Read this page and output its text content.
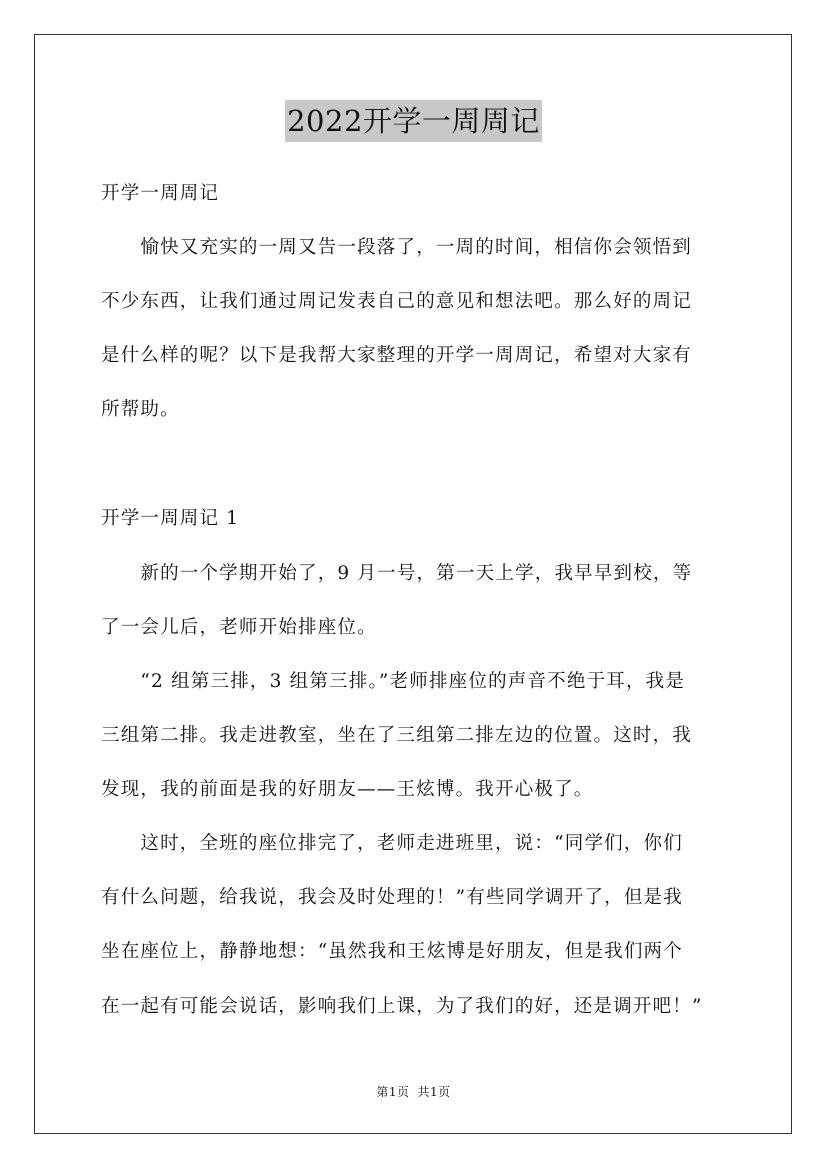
2022开学一周周记
开学一周周记
　　愉快又充实的一周又告一段落了，一周的时间，相信你会领悟到
不少东西，让我们通过周记发表自己的意见和想法吧。那么好的周记
是什么样的呢？以下是我帮大家整理的开学一周周记，希望对大家有
所帮助。
开学一周周记 1
　　新的一个学期开始了，9 月一号，第一天上学，我早早到校，等
了一会儿后，老师开始排座位。
　　“2 组第三排，3 组第三排。”老师排座位的声音不绝于耳，我是
三组第二排。我走进教室，坐在了三组第二排左边的位置。这时，我
发现，我的前面是我的好朋友——王炫博。我开心极了。
　　这时，全班的座位排完了，老师走进班里，说：“同学们，你们
有什么问题，给我说，我会及时处理的！”有些同学调开了，但是我
坐在座位上，静静地想：“虽然我和王炫博是好朋友，但是我们两个
在一起有可能会说话，影响我们上课，为了我们的好，还是调开吧！”
第1页 共1页
